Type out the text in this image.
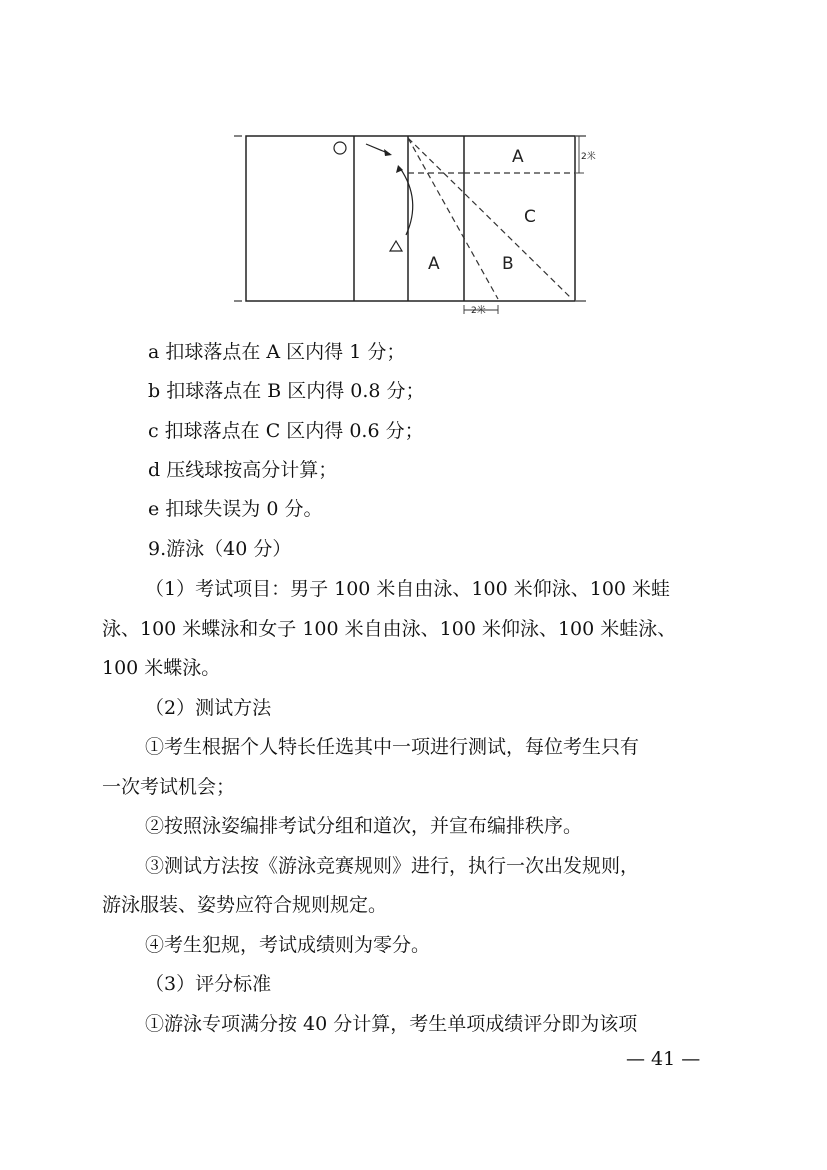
A
C
A	B
2米
2米
a 扣球落点在 A 区内得 1 分；
b 扣球落点在 B 区内得 0.8 分；
c 扣球落点在 C 区内得 0.6 分；
d 压线球按高分计算；
e 扣球失误为 0 分。
9.游泳（40 分）
（1）考试项目：男子 100 米自由泳、100 米仰泳、100 米蛙
泳、100 米蝶泳和女子 100 米自由泳、100 米仰泳、100 米蛙泳、
100 米蝶泳。
（2）测试方法
①考生根据个人特长任选其中一项进行测试，每位考生只有
一次考试机会；
②按照泳姿编排考试分组和道次，并宣布编排秩序。
③测试方法按《游泳竞赛规则》进行，执行一次出发规则，
游泳服装、姿势应符合规则规定。
④考生犯规，考试成绩则为零分。
（3）评分标准
①游泳专项满分按 40 分计算，考生单项成绩评分即为该项
— 41 —
